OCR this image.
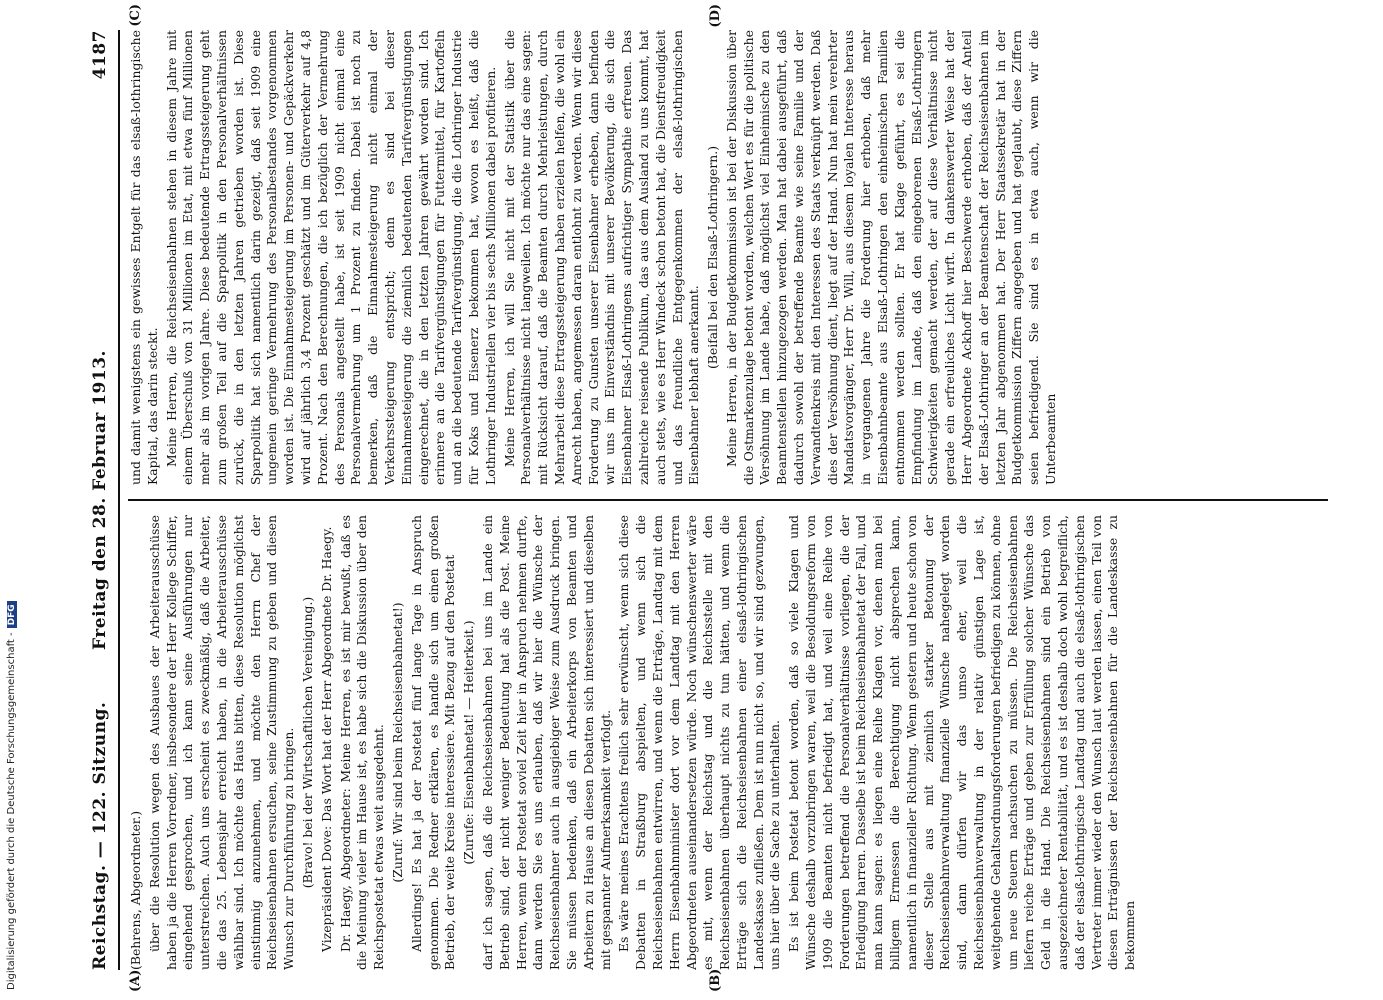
Reichstag. — 122. Sitzung.
Freitag den 28. Februar 1913.
4187

(Behrens, Abgeordneter.) über die Resolution wegen des Ausbaues der Arbeiterausschüsse haben ja die Herren Vorredner, insbesondere der Herr Kollege Schiffer, eingehend gesprochen, und ich kann seine Ausführungen nur unterstreichen. Auch uns erscheint es zweckmäßig, daß die Arbeiter, die das 25. Lebensjahr erreicht haben, in die Arbeiterausschüsse wählbar sind. Ich möchte das Haus bitten, diese Resolution möglichst einstimmig anzunehmen, und möchte den Herrn Chef der Reichseisenbahnen ersuchen, seine Zustimmung zu geben und diesen Wunsch zur Durchführung zu bringen. (Bravo! bei der Wirtschaftlichen Vereinigung.) Vizepräsident Dove: Das Wort hat der Herr Abgeordnete Dr. Haegy. Dr. Haegy, Abgeordneter: Meine Herren, es ist mir bewußt, daß es die Meinung vieler im Hause ist, es habe sich die Diskussion über den Reichspostetat etwas weit ausgedehnt. (Zuruf: Wir sind beim Reichseisenbahnetat!) Allerdings! Es hat ja der Postetat fünf lange Tage in Anspruch genommen. Die Redner erklären, es handle sich um einen großen Betrieb, der weite Kreise interessiere. Mit Bezug auf den Postetat (Zurufe: Eisenbahnetat! — Heiterkeit.) darf ich sagen, daß die Reichseisenbahnen bei uns im Lande ein Betrieb sind, der nicht weniger Bedeutung hat als die Post. Meine Herren, wenn der Postetat soviel Zeit hier in Anspruch nehmen durfte, dann werden Sie es uns erlauben, daß wir hier die Wünsche der Reichseisenbahner auch in ausgiebiger Weise zum Ausdruck bringen. Sie müssen bedenken, daß ein Arbeiterkorps von Beamten und Arbeitern zu Hause an diesen Debatten sich interessiert und dieselben mit gespannter Aufmerksamkeit verfolgt. Es wäre meines Erachtens freilich sehr erwünscht, wenn sich diese Debatten in Straßburg abspielten, und wenn sich die Reichseisenbahnen entwirren, und wenn die Erträge, Landtag mit dem Herrn Eisenbahnminister dort vor dem Landtag mit den Herren Abgeordneten auseinandersetzen würde. Noch wünschenswerter wäre es mit, wenn der Reichstag und die Reichsstelle mit den Reichseisenbahnen überhaupt nichts zu tun hätten, und wenn die Erträge sich die Reichseisenbahnen einer elsaß-lothringischen Landeskasse zufließen. Dem ist nun nicht so, und wir sind gezwungen, uns hier über die Sache zu unterhalten. Es ist beim Postetat betont worden, daß so viele Klagen und Wünsche deshalb vorzubringen waren, weil die Besoldungsreform von 1909 die Beamten nicht befriedigt hat, und weil eine Reihe von Forderungen betreffend die Personalverhältnisse vorliegen, die der Erledigung harren. Dasselbe ist beim Reichseisenbahnetat der Fall, und man kann sagen: es liegen eine Reihe Klagen vor, denen man bei billigem Ermessen die Berechtigung nicht absprechen kann, namentlich in finanzieller Richtung. Wenn gestern und heute schon von dieser Stelle aus mit ziemlich starker Betonung der Reichseisenbahnverwaltung finanzielle Wünsche nahegelegt worden sind, dann dürfen wir das umso eher, weil die Reichseisenbahnverwaltung in der relativ günstigen Lage ist, weitgehende Gehaltsordnungsforderungen befriedigen zu können, ohne um neue Steuern nachsuchen zu müssen. Die Reichseisenbahnen liefern reiche Erträge und geben zur Erfüllung solcher Wünsche das Geld in die Hand. Die Reichseisenbahnen sind ein Betrieb von ausgezeichneter Rentabilität, und es ist deshalb doch wohl begreiflich, daß der elsaß-lothringische Landtag und auch die elsaß-lothringischen Vertreter immer wieder den Wunsch laut werden lassen, einen Teil von diesen Erträgnissen der Reichseisenbahnen für die Landeskasse zu bekommen

und damit wenigstens ein gewisses Entgelt für das elsaß-lothringische Kapital, das darin steckt. Meine Herren, die Reichseisenbahnen stehen in diesem Jahre mit einem Überschuß von 31 Millionen im Etat, mit etwa fünf Millionen mehr als im vorigen Jahre. Diese bedeutende Ertragssteigerung geht zum großen Teil auf die Sparpolitik in den Personalverhältnissen zurück, die in den letzten Jahren getrieben worden ist. Diese Sparpolitik hat sich namentlich darin gezeigt, daß seit 1909 eine ungemein geringe Vermehrung des Personalbestandes vorgenommen worden ist. Die Einnahmesteigerung im Personen- und Gepäckverkehr wird auf jährlich 3,4 Prozent geschätzt und im Güterverkehr auf 4,8 Prozent. Nach den Berechnungen, die ich bezüglich der Vermehrung des Personals angestellt habe, ist seit 1909 nicht einmal eine Personalvermehrung um 1 Prozent zu finden. Dabei ist noch zu bemerken, daß die Einnahmesteigerung nicht einmal der Verkehrssteigerung entspricht; denn es sind bei dieser Einnahmesteigerung die ziemlich bedeutenden Tarifvergünstigungen eingerechnet, die in den letzten Jahren gewährt worden sind. Ich erinnere an die Tarifvergünstigungen für Futtermittel, für Kartoffeln und an die bedeutende Tarifvergünstigung, die die Lothringer Industrie für Koks und Eisenerz bekommen hat, wovon es heißt, daß die Lothringer Industriellen vier bis sechs Millionen dabei profitieren. Meine Herren, ich will Sie nicht mit der Statistik über die Personalverhältnisse nicht langweilen. Ich möchte nur das eine sagen: mit Rücksicht darauf, daß die Beamten durch Mehrleistungen, durch Mehrarbeit diese Ertragssteigerung haben erzielen helfen, die wohl ein Anrecht haben, angemessen daran entlohnt zu werden. Wenn wir diese Forderung zu Gunsten unserer Eisenbahner erheben, dann befinden wir uns im Einverständnis mit unserer Bevölkerung, die sich die Eisenbahner Elsaß-Lothringens aufrichtiger Sympathie erfreuen. Das zahlreiche reisende Publikum, das aus dem Ausland zu uns kommt, hat auch stets, wie es Herr Windeck schon betont hat, die Dienstfreudigkeit und das freundliche Entgegenkommen der elsaß-lothringischen Eisenbahner lebhaft anerkannt.

(Beifall bei den Elsaß-Lothringern.) Meine Herren, in der Budgetkommission ist bei der Diskussion über die Ostmarkenzulage betont worden, welchen Wert es für die politische Versöhnung im Lande habe, daß möglichst viel Einheimische zu den Beamtenstellen hinzugezogen werden. Man hat dabei ausgeführt, daß dadurch sowohl der betreffende Beamte wie seine Familie und der Verwandtenkreis mit den Interessen des Staats verknüpft werden. Daß dies der Versöhnung dient, liegt auf der Hand. Nun hat mein verehrter Mandatsvorgänger, Herr Dr. Will, aus diesem loyalen Interesse heraus in vergangenen Jahre die Forderung hier erhoben, daß mehr Eisenbahnbeamte aus Elsaß-Lothringen den einheimischen Familien entnommen werden sollten. Er hat Klage geführt, es sei die Empfindung im Lande, daß den eingeborenen Elsaß-Lothringern Schwierigkeiten gemacht werden, der auf diese Verhältnisse nicht gerade ein erfreuliches Licht wirft. In dankenswerter Weise hat der Herr Abgeordnete Ackhoff hier Beschwerde erhoben, daß der Anteil der Elsaß-Lothringer an der Beamtenschaft der Reichseisenbahnen im letzten Jahr abgenommen hat. Der Herr Staatssekretär hat in der Budgetkommission Ziffern angegeben und hat geglaubt, diese Ziffern seien befriedigend. Sie sind es in etwa auch, wenn wir die Unterbeamten

(A)	(B)
(C)	(D)
Digitalisierung gefördert durch die Deutsche Forschungsgemeinschaft -DFG
